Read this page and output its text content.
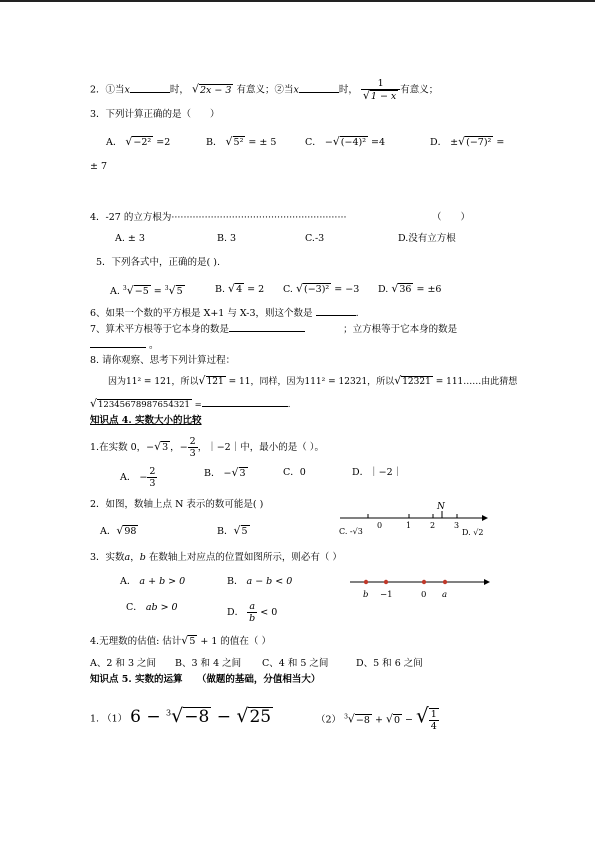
2．①当x	时， √2x − 3 有意义；②当x	时， $\frac{1}{√1 - x}$ 有意义；
3．下列计算正确的是（　　）
A． √−2² =2	B． √5² = ± 5	C． −√(−4)² =4	D． ±√(−7)² =
± 7
4．-27 的立方根为··························································	（　　）
A. ± 3	B. 3	C.-3	D.没有立方根
5．下列各式中，正确的是( ).
A. $^3$√−5 = $^3$√5	B. √4 = 2 C. √(−3)² = −3 D. √36 = ±6
6、如果一个数的平方根是 X+1 与 X-3，则这个数是	.
7、算术平方根等于它本身的数是　　　　	；立方根等于它本身的数是
。
8. 请你观察、思考下列计算过程：
因为11² = 121，所以√121 = 11，同样，因为111² = 12321，所以√12321 = 111……由此猜想
√12345678987654321 =	.
知识点 4. 实数大小的比较
1.在实数 0，−√3 ，− $\frac{2}{3}$ ，｜−2｜中，最小的是（ ）。
A． − $\frac{2}{3}$	B． −√3	C．0	D．｜−2｜
2．如图，数轴上点 N 表示的数可能是( )
A．√98	B．√5
N
C. -√3
0	1 2 3
D. √2
3．实数a，b 在数轴上对应点的位置如图所示，则必有（ ）
A． a + b > 0	B． a − b < 0
C． ab > 0	D． $\frac{a}{b} < 0$
b −1	0 a
4.无理数的估值: 估计√5 + 1 的值在（ ）
A、2 和 3 之间 B、3 和 4 之间 C、4 和 5 之间	D、5 和 6 之间
知识点 5. 实数的运算　　 （做题的基础，分值相当大）
1. （1） 6 − $^3$√−8 − √25	（2） $^3$√−8 + √0 − √ $\frac{1}{4}$
